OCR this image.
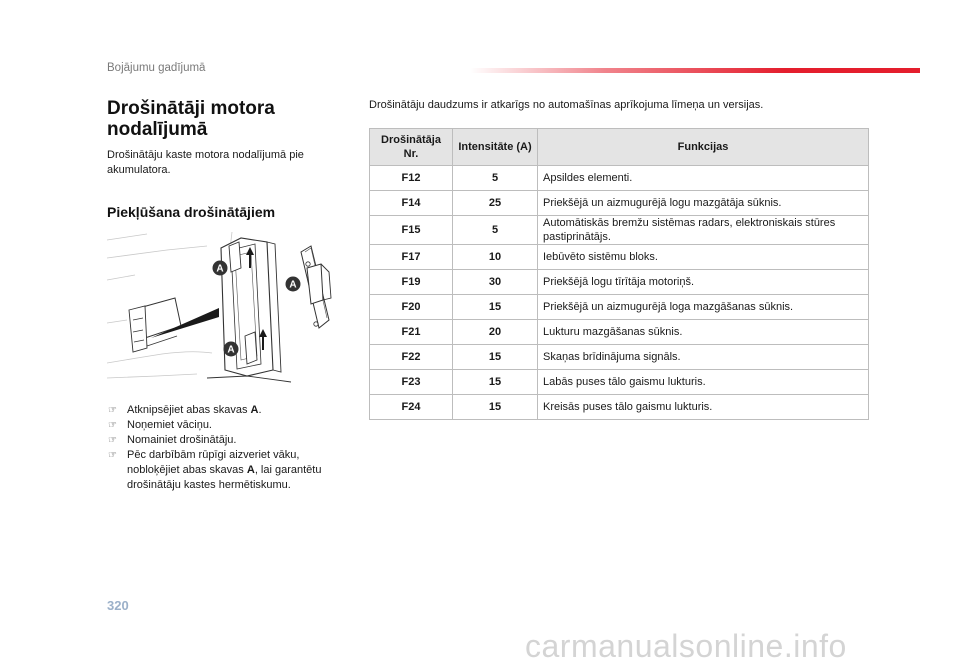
Bojājumu gadījumā
Drošinātāji motora nodalījumā
Drošinātāju kaste motora nodalījumā pie akumulatora.
Piekļūšana drošinātājiem
A
A
A
☞ Atknipsējiet abas skavas A.
☞ Noņemiet vāciņu.
☞ Nomainiet drošinātāju.
☞ Pēc darbībām rūpīgi aizveriet vāku, nobloķējiet abas skavas A, lai garantētu drošinātāju kastes hermētiskumu.
Drošinātāju daudzums ir atkarīgs no automašīnas aprīkojuma līmeņa un versijas.
Drošinātāja Nr.	Intensitāte (A)	Funkcijas
F12	5	Apsildes elementi.
F14	25	Priekšējā un aizmugurējā logu mazgātāja sūknis.
F15	5	Automātiskās bremžu sistēmas radars, elektroniskais stūres pastiprinātājs.
F17	10	Iebūvēto sistēmu bloks.
F19	30	Priekšējā logu tīrītāja motoriņš.
F20	15	Priekšējā un aizmugurējā loga mazgāšanas sūknis.
F21	20	Lukturu mazgāšanas sūknis.
F22	15	Skaņas brīdinājuma signāls.
F23	15	Labās puses tālo gaismu lukturis.
F24	15	Kreisās puses tālo gaismu lukturis.
320
carmanualsonline.info
